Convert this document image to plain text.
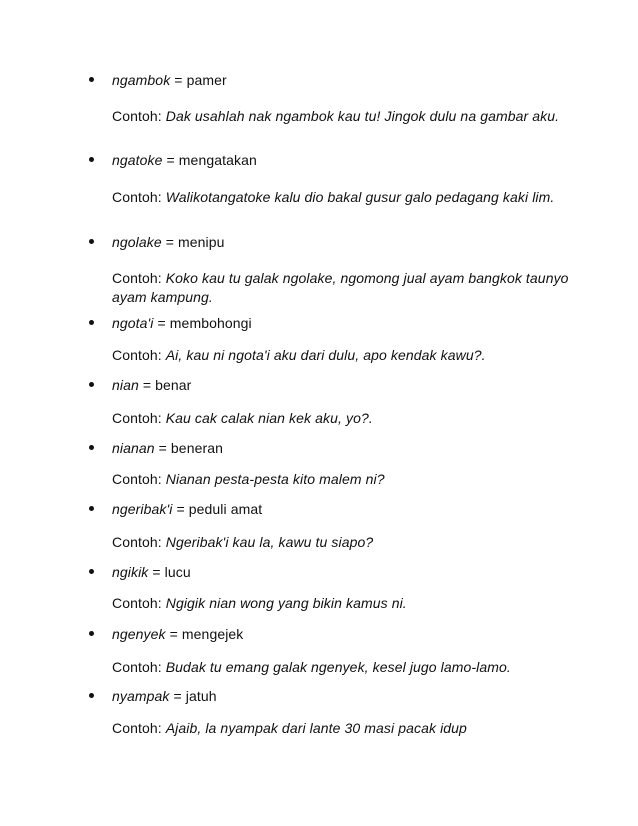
ngambok = pamer
Contoh: Dak usahlah nak ngambok kau tu! Jingok dulu na gambar aku.
ngatoke = mengatakan
Contoh: Walikotangatoke kalu dio bakal gusur galo pedagang kaki lim.
ngolake = menipu
Contoh: Koko kau tu galak ngolake, ngomong jual ayam bangkok taunyo ayam kampung.
ngota'i = membohongi
Contoh: Ai, kau ni ngota'i aku dari dulu, apo kendak kawu?.
nian = benar
Contoh: Kau cak calak nian kek aku, yo?.
nianan = beneran
Contoh: Nianan pesta-pesta kito malem ni?
ngeribak'i = peduli amat
Contoh: Ngeribak'i kau la, kawu tu siapo?
ngikik = lucu
Contoh: Ngigik nian wong yang bikin kamus ni.
ngenyek = mengejek
Contoh: Budak tu emang galak ngenyek, kesel jugo lamo-lamo.
nyampak = jatuh
Contoh: Ajaib, la nyampak dari lante 30 masi pacak idup
